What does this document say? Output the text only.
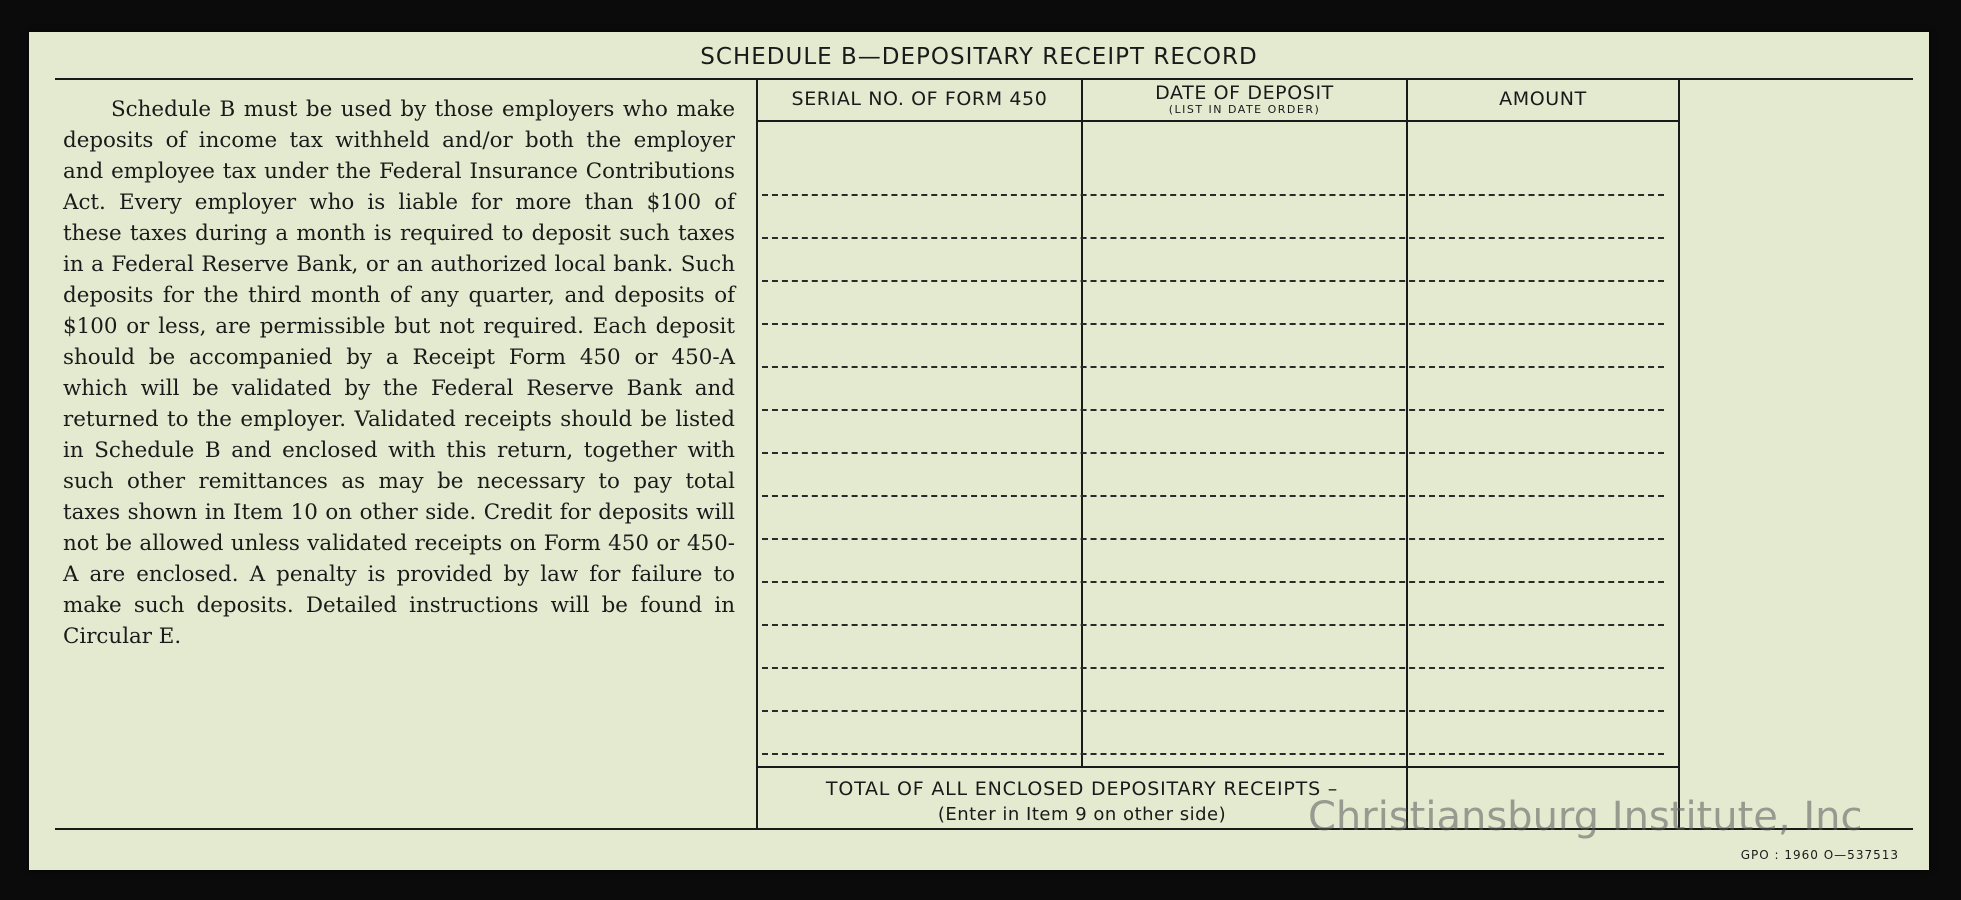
SCHEDULE B—DEPOSITARY RECEIPT RECORD

Schedule B must be used by those employers who make deposits of income tax withheld and/or both the employer and employee tax under the Federal Insurance Contributions Act. Every employer who is liable for more than $100 of these taxes during a month is required to deposit such taxes in a Federal Reserve Bank, or an authorized local bank. Such deposits for the third month of any quarter, and deposits of $100 or less, are permissible but not required. Each deposit should be accompanied by a Receipt Form 450 or 450-A which will be validated by the Federal Reserve Bank and returned to the employer. Validated receipts should be listed in Schedule B and enclosed with this return, together with such other remittances as may be necessary to pay total taxes shown in Item 10 on other side. Credit for deposits will not be allowed unless validated receipts on Form 450 or 450-A are enclosed. A penalty is provided by law for failure to make such deposits. Detailed instructions will be found in Circular E.

SERIAL NO. OF FORM 450	DATE OF DEPOSIT
(LIST IN DATE ORDER)	AMOUNT
TOTAL OF ALL ENCLOSED DEPOSITARY RECEIPTS –
(Enter in Item 9 on other side)
GPO : 1960 O—537513
Christiansburg Institute, Inc
